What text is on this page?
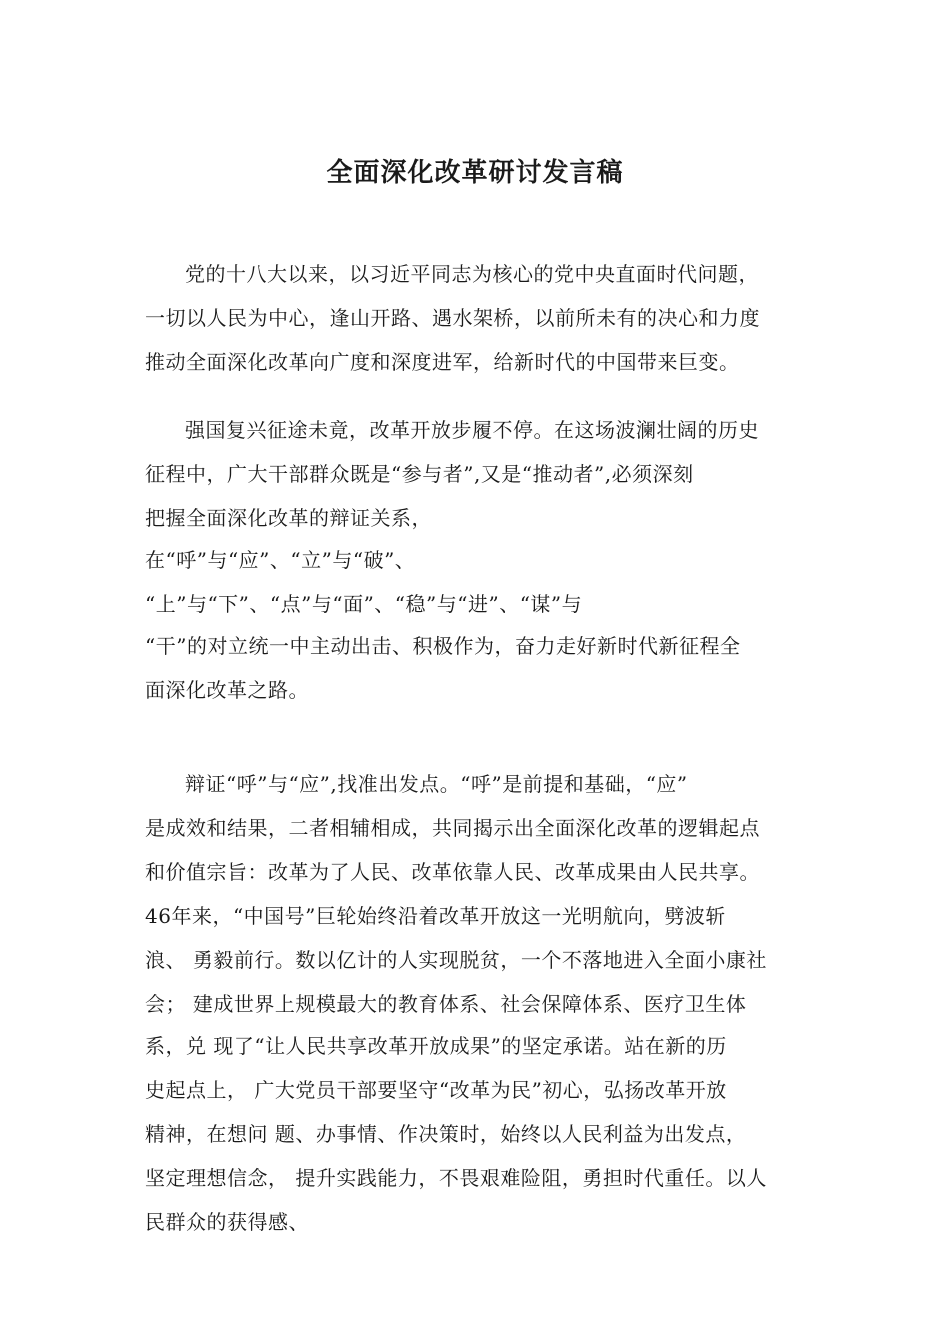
全面深化改革研讨发言稿
党的十八大以来，以习近平同志为核心的党中央直面时代问题，
一切以人民为中心，逢山开路、遇水架桥，以前所未有的决心和力度
推动全面深化改革向广度和深度进军，给新时代的中国带来巨变。
强国复兴征途未竟，改革开放步履不停。在这场波澜壮阔的历史
征程中，广大干部群众既是“参与者”,又是“推动者”,必须深刻
把握全面深化改革的辩证关系，
在“呼”与“应”、“立”与“破”、
“上”与“下”、“点”与“面”、“稳”与“进”、“谋”与
“干”的对立统一中主动出击、积极作为，奋力走好新时代新征程全
面深化改革之路。
辩证“呼”与“应”,找准出发点。“呼”是前提和基础，“应”
是成效和结果，二者相辅相成，共同揭示出全面深化改革的逻辑起点
和价值宗旨：改革为了人民、改革依靠人民、改革成果由人民共享。
46年来，“中国号”巨轮始终沿着改革开放这一光明航向，劈波斩
浪、 勇毅前行。数以亿计的人实现脱贫，一个不落地进入全面小康社
会； 建成世界上规模最大的教育体系、社会保障体系、医疗卫生体
系，兑 现了“让人民共享改革开放成果”的坚定承诺。站在新的历
史起点上， 广大党员干部要坚守“改革为民”初心，弘扬改革开放
精神，在想问 题、办事情、作决策时，始终以人民利益为出发点，
坚定理想信念， 提升实践能力，不畏艰难险阻，勇担时代重任。以人
民群众的获得感、
